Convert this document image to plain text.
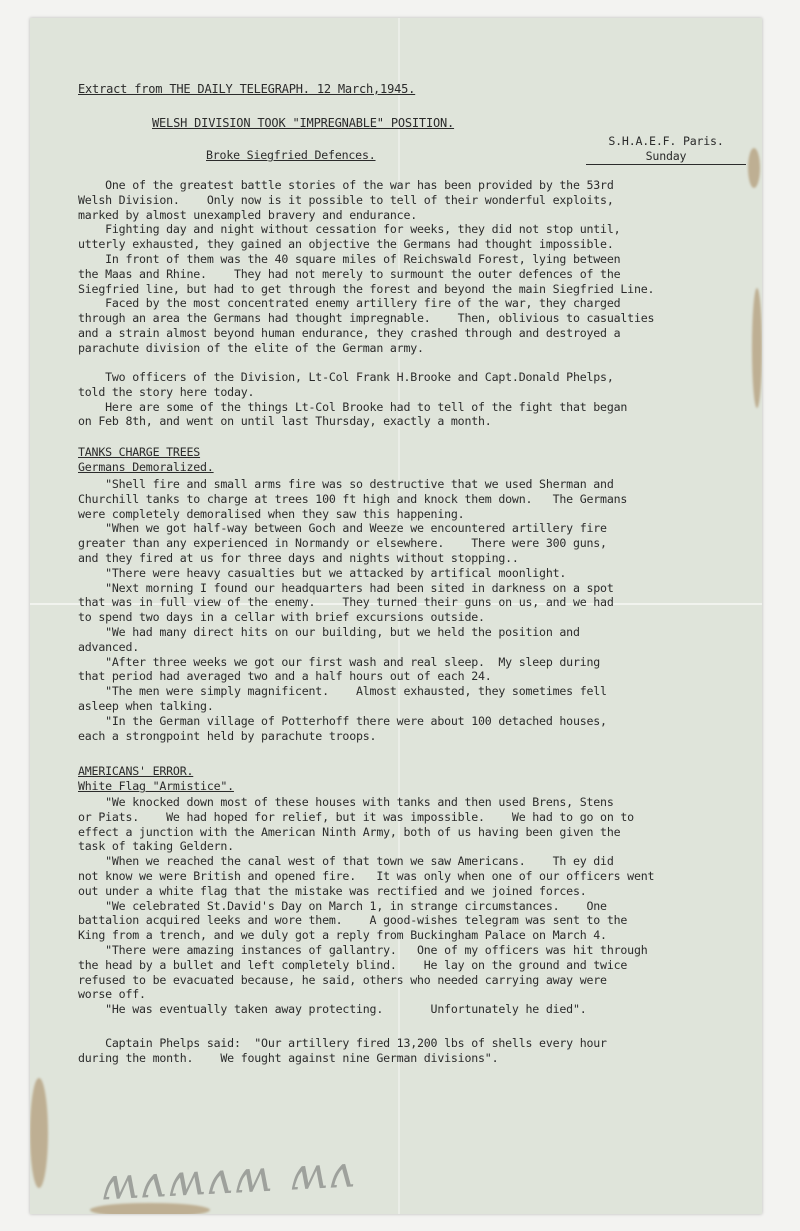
Extract from THE DAILY TELEGRAPH. 12 March,1945.
WELSH DIVISION TOOK "IMPREGNABLE" POSITION.
S.H.A.E.F. Paris.
Broke Siegfried Defences.	Sunday
One of the greatest battle stories of the war has been provided by the 53rd
Welsh Division.    Only now is it possible to tell of their wonderful exploits,
marked by almost unexampled bravery and endurance.
Fighting day and night without cessation for weeks, they did not stop until,
utterly exhausted, they gained an objective the Germans had thought impossible.
In front of them was the 40 square miles of Reichswald Forest, lying between
the Maas and Rhine.    They had not merely to surmount the outer defences of the
Siegfried line, but had to get through the forest and beyond the main Siegfried Line.
Faced by the most concentrated enemy artillery fire of the war, they charged
through an area the Germans had thought impregnable.    Then, oblivious to casualties
and a strain almost beyond human endurance, they crashed through and destroyed a
parachute division of the elite of the German army.
Two officers of the Division, Lt-Col Frank H.Brooke and Capt.Donald Phelps,
told the story here today.
Here are some of the things Lt-Col Brooke had to tell of the fight that began
on Feb 8th, and went on until last Thursday, exactly a month.
TANKS CHARGE TREES
Germans Demoralized.
"Shell fire and small arms fire was so destructive that we used Sherman and
Churchill tanks to charge at trees 100 ft high and knock them down.   The Germans
were completely demoralised when they saw this happening.
"When we got half-way between Goch and Weeze we encountered artillery fire
greater than any experienced in Normandy or elsewhere.    There were 300 guns,
and they fired at us for three days and nights without stopping..
"There were heavy casualties but we attacked by artifical moonlight.
"Next morning I found our headquarters had been sited in darkness on a spot
that was in full view of the enemy.    They turned their guns on us, and we had
to spend two days in a cellar with brief excursions outside.
"We had many direct hits on our building, but we held the position and
advanced.
"After three weeks we got our first wash and real sleep.  My sleep during
that period had averaged two and a half hours out of each 24.
"The men were simply magnificent.    Almost exhausted, they sometimes fell
asleep when talking.
"In the German village of Potterhoff there were about 100 detached houses,
each a strongpoint held by parachute troops.
AMERICANS' ERROR.
White Flag "Armistice".
"We knocked down most of these houses with tanks and then used Brens, Stens
or Piats.    We had hoped for relief, but it was impossible.    We had to go on to
effect a junction with the American Ninth Army, both of us having been given the
task of taking Geldern.
"When we reached the canal west of that town we saw Americans.    Th ey did
not know we were British and opened fire.   It was only when one of our officers went
out under a white flag that the mistake was rectified and we joined forces.
"We celebrated St.David's Day on March 1, in strange circumstances.    One
battalion acquired leeks and wore them.    A good-wishes telegram was sent to the
King from a trench, and we duly got a reply from Buckingham Palace on March 4.
"There were amazing instances of gallantry.   One of my officers was hit through
the head by a bullet and left completely blind.    He lay on the ground and twice
refused to be evacuated because, he said, others who needed carrying away were
worse off.
"He was eventually taken away protecting.       Unfortunately he died".
Captain Phelps said:  "Our artillery fired 13,200 lbs of shells every hour
during the month.    We fought against nine German divisions".
ʍʌʍʌʍ ʍʌ
